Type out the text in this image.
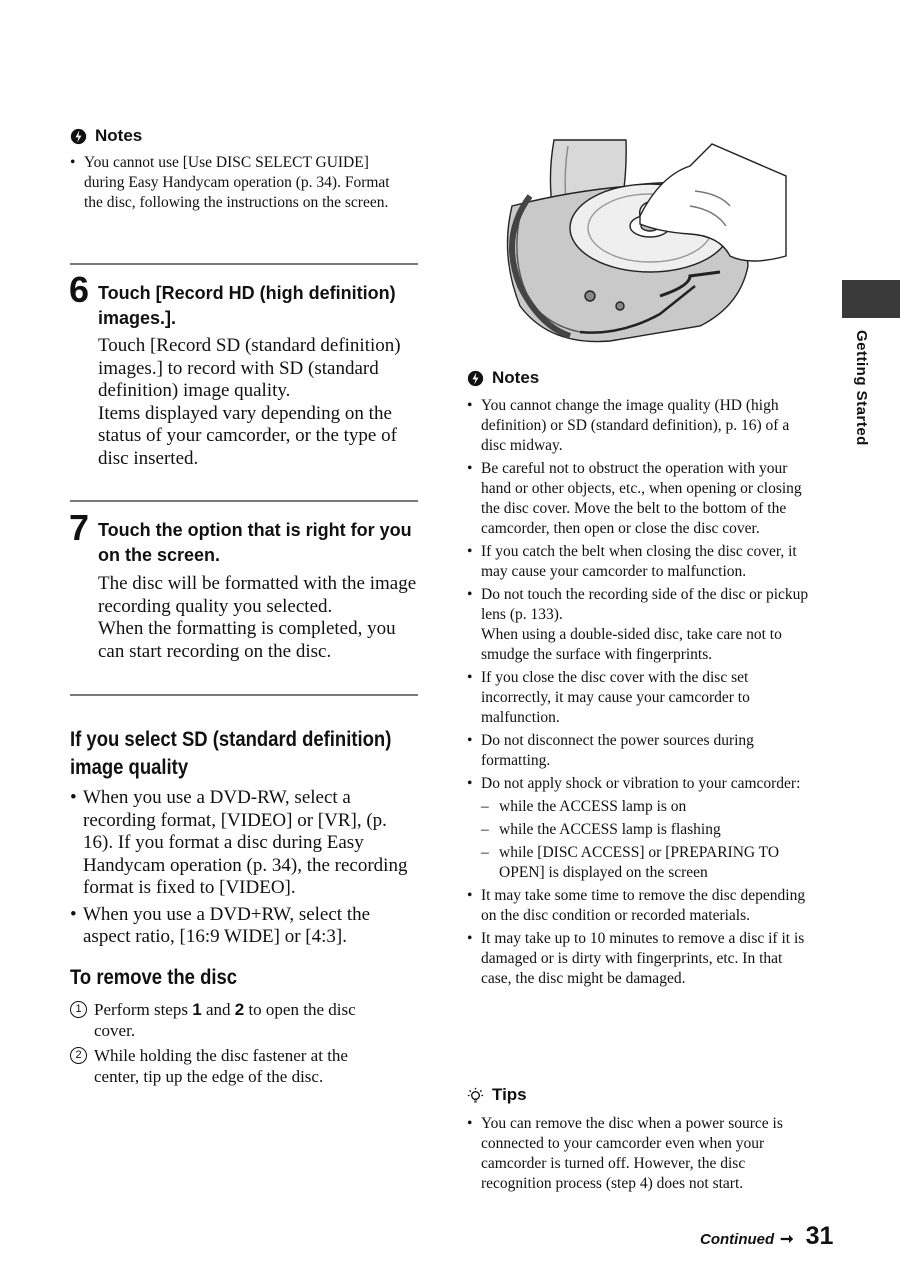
Notes
• You cannot use [Use DISC SELECT GUIDE] during Easy Handycam operation (p. 34). Format the disc, following the instructions on the screen.
6 Touch [Record HD (high definition) images.].
Touch [Record SD (standard definition) images.] to record with SD (standard definition) image quality.
Items displayed vary depending on the status of your camcorder, or the type of disc inserted.
7 Touch the option that is right for you on the screen.
The disc will be formatted with the image recording quality you selected.
When the formatting is completed, you can start recording on the disc.
If you select SD (standard definition)
image quality
• When you use a DVD-RW, select a recording format, [VIDEO] or [VR], (p. 16). If you format a disc during Easy Handycam operation (p. 34), the recording format is fixed to [VIDEO].
• When you use a DVD+RW, select the aspect ratio, [16:9 WIDE] or [4:3].
To remove the disc
1 Perform steps 1 and 2 to open the disc cover.
2 While holding the disc fastener at the center, tip up the edge of the disc.
Notes
• You cannot change the image quality (HD (high definition) or SD (standard definition), p. 16) of a disc midway.
• Be careful not to obstruct the operation with your hand or other objects, etc., when opening or closing the disc cover. Move the belt to the bottom of the camcorder, then open or close the disc cover.
• If you catch the belt when closing the disc cover, it may cause your camcorder to malfunction.
• Do not touch the recording side of the disc or pickup lens (p. 133).
When using a double-sided disc, take care not to smudge the surface with fingerprints.
• If you close the disc cover with the disc set incorrectly, it may cause your camcorder to malfunction.
• Do not disconnect the power sources during formatting.
• Do not apply shock or vibration to your camcorder:
– while the ACCESS lamp is on
– while the ACCESS lamp is flashing
– while [DISC ACCESS] or [PREPARING TO OPEN] is displayed on the screen
• It may take some time to remove the disc depending on the disc condition or recorded materials.
• It may take up to 10 minutes to remove a disc if it is damaged or is dirty with fingerprints, etc. In that case, the disc might be damaged.
Tips
• You can remove the disc when a power source is connected to your camcorder even when your camcorder is turned off. However, the disc recognition process (step 4) does not start.
Getting Started
Continued ➞ 31
